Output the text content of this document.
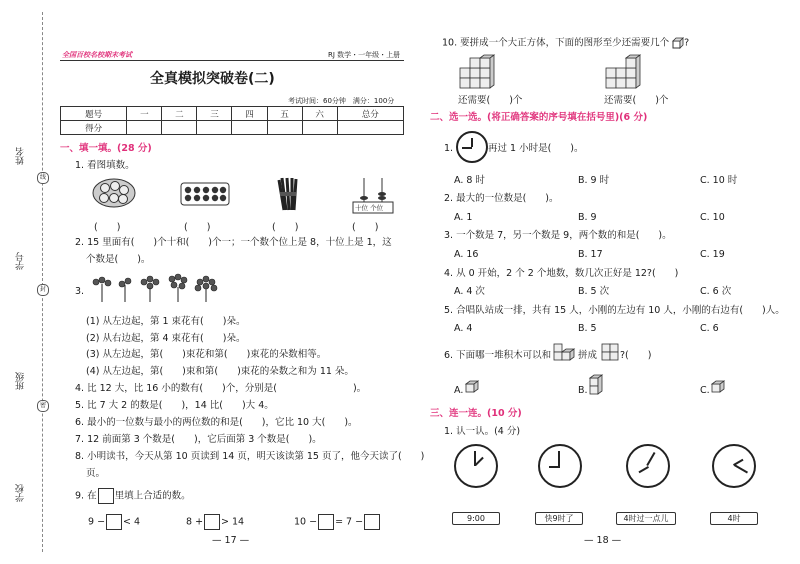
姓名
学号
班级
学校
线
封
密
全国百校名校期末考试	RJ 数学・一年级・上册
全真模拟突破卷(二)
考试时间：60分钟　满分：100分
题号	一	二	三	四	五	六	总分
得分							
一、填一填。(28 分)
1. 看图填数。
十位 个位
(　　)	(　　)	(　　)	(　　)
2. 15 里面有(　　)个十和(　　)个一；一个数个位上是 8，十位上是 1，这
个数是(　　)。
3.
(1) 从左边起，第 1 束花有(　　)朵。
(2) 从右边起，第 4 束花有(　　)朵。
(3) 从左边起，第(　　)束花和第(　　)束花的朵数相等。
(4) 从左边起，第(　　)束和第(　　)束花的朵数之和为 11 朵。
4. 比 12 大，比 16 小的数有(　　)个，分别是(　　　　　　　　)。
5. 比 7 大 2 的数是(　　)，14 比(　　)大 4。
6. 最小的一位数与最小的两位数的和是(　　)，它比 10 大(　　)。
7. 12 前面第 3 个数是(　　)，它后面第 3 个数是(　　)。
8. 小明读书，今天从第 10 页读到 14 页，明天该读第 15 页了，他今天读了(　　)
页。
9. 在 里填上合适的数。
9 − < 4	8 + > 14	10 − = 7 −
— 17 —
10. 要拼成一个大正方体，下面的图形至少还需要几个 ?
还需要(　　)个	还需要(　　)个
二、选一选。(将正确答案的序号填在括号里)(6 分)
1.	再过 1 小时是(　　)。
A. 8 时	B. 9 时	C. 10 时
2. 最大的一位数是(　　)。
A. 1	B. 9	C. 10
3. 一个数是 7，另一个数是 9，两个数的和是(　　)。
A. 16	B. 17	C. 19
4. 从 0 开始，2 个 2 个地数，数几次正好是 12?(　　)
A. 4 次	B. 5 次	C. 6 次
5. 合唱队站成一排，共有 15 人，小刚的左边有 10 人，小刚的右边有(　　)人。
A. 4	B. 5	C. 6
6. 下面哪一堆积木可以和	拼成 ?(　　)
A.	B.	C.
三、连一连。(10 分)
1. 认一认。(4 分)
9:00	快9时了	4时过一点儿	4时
— 18 —
